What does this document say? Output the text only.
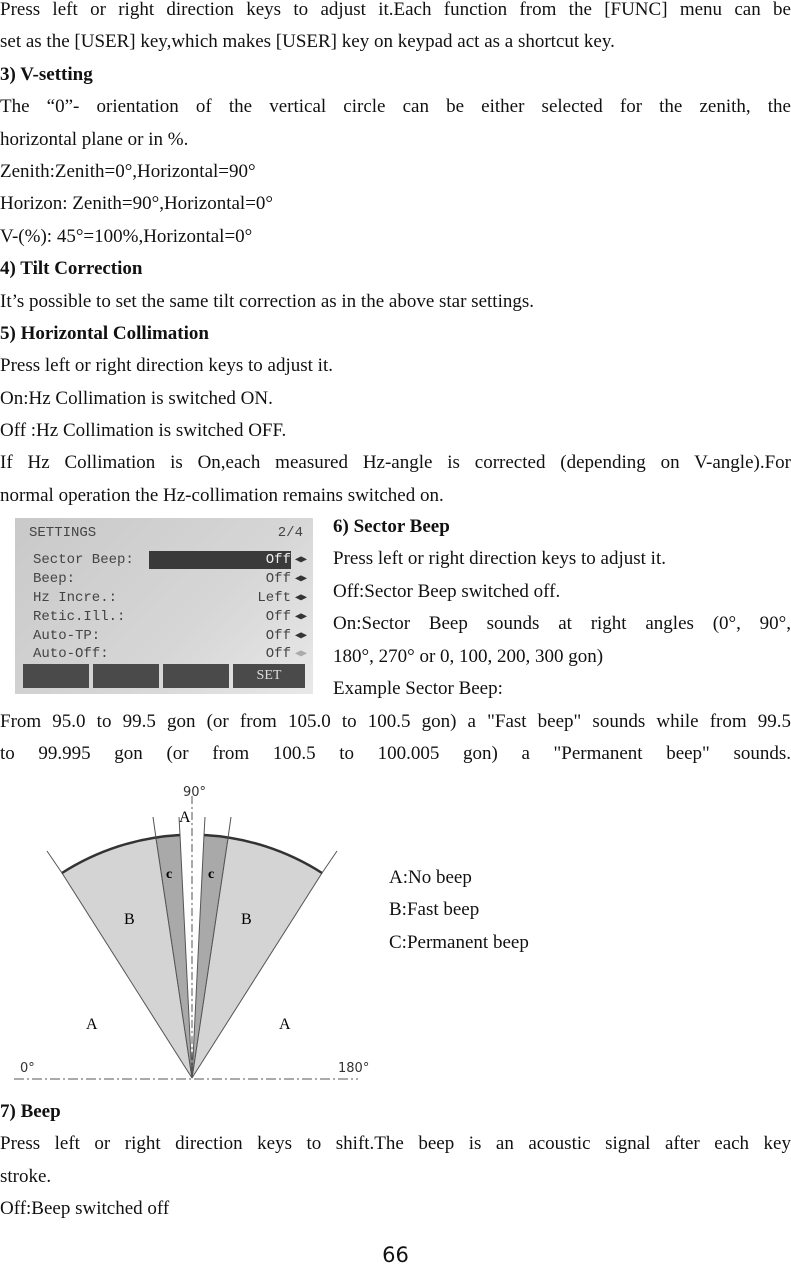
Press left or right direction keys to adjust it.Each function from the [FUNC] menu can be
set as the [USER] key,which makes [USER] key on keypad act as a shortcut key.
3) V-setting
The “0”- orientation of the vertical circle can be either selected for the zenith, the
horizontal plane or in %.
Zenith:Zenith=0°,Horizontal=90°
Horizon: Zenith=90°,Horizontal=0°
V-(%): 45°=100%,Horizontal=0°
4) Tilt Correction
It’s possible to set the same tilt correction as in the above star settings.
5) Horizontal Collimation
Press left or right direction keys to adjust it.
On:Hz Collimation is switched ON.
Off :Hz Collimation is switched OFF.
If Hz Collimation is On,each measured Hz-angle is corrected (depending on V-angle).For
normal operation the Hz-collimation remains switched on.
SETTINGS	2/4
Sector Beep:	Off ◀▶
Beep:	Off ◀▶
Hz Incre.:	Left ◀▶
Retic.Ill.:	Off ◀▶
Auto-TP:	Off ◀▶
Auto-Off:	Off ◀▶
SET
6) Sector Beep
Press left or right direction keys to adjust it.
Off:Sector Beep switched off.
On:Sector Beep sounds at right angles (0°, 90°,
180°, 270° or 0, 100, 200, 300 gon)
Example Sector Beep:
From 95.0 to 99.5 gon (or from 105.0 to 100.5 gon) a "Fast beep" sounds while from 99.5
to 99.995 gon (or from 100.5 to 100.005 gon) a "Permanent beep" sounds.
90°
0°	180°
A
A	A
B	B
c	c	A:No beep
B:Fast beep
C:Permanent beep
7) Beep
Press left or right direction keys to shift.The beep is an acoustic signal after each key
stroke.
Off:Beep switched off
66
